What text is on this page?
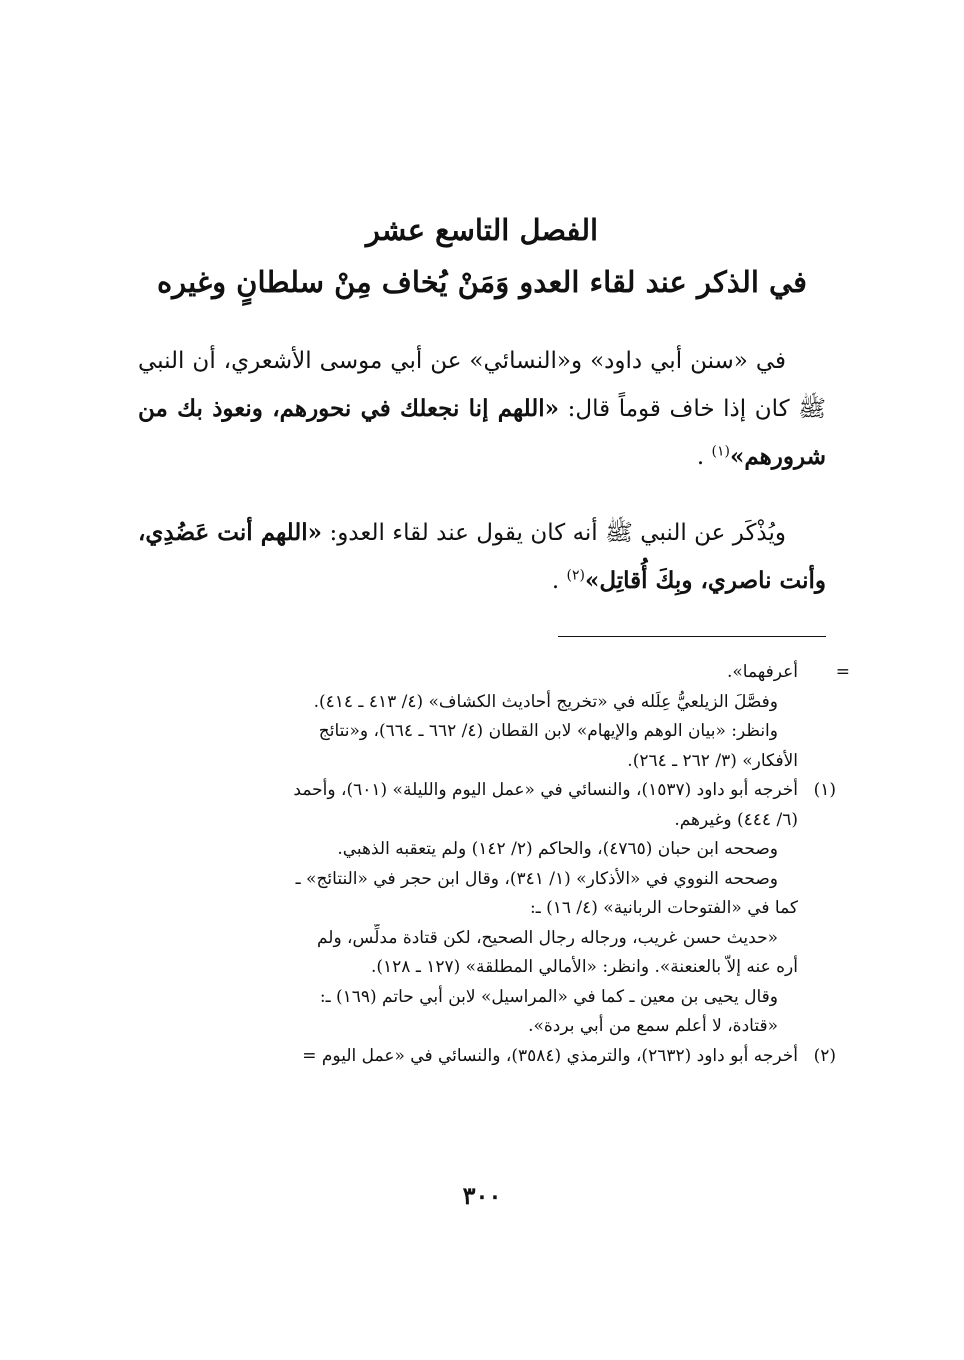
الفصل التاسع عشر
في الذكر عند لقاء العدو وَمَنْ يُخاف مِنْ سلطانٍ وغيره

في «سنن أبي داود» و«النسائي» عن أبي موسى الأشعري، أن النبي ﷺ كان إذا خاف قوماً قال: «اللهم إنا نجعلك في نحورهم، ونعوذ بك من شرورهم»$^{(١)}$ .

ويُذْكَر عن النبي ﷺ أنه كان يقول عند لقاء العدو: «اللهم أنت عَضُدِي، وأنت ناصري، وبِكَ أُقاتِل»$^{(٢)}$ .

=
أعرفهما».
وفصَّلَ الزيلعيُّ عِلَله في «تخريج أحاديث الكشاف» (٤/ ٤١٣ ـ ٤١٤).
وانظر: «بيان الوهم والإيهام» لابن القطان (٤/ ٦٦٢ ـ ٦٦٤)، و«نتائج
الأفكار» (٣/ ٢٦٢ ـ ٢٦٤).
(١)
أخرجه أبو داود (١٥٣٧)، والنسائي في «عمل اليوم والليلة» (٦٠١)، وأحمد
(٦/ ٤٤٤) وغيرهم.
وصححه ابن حبان (٤٧٦٥)، والحاكم (٢/ ١٤٢) ولم يتعقبه الذهبي.
وصححه النووي في «الأذكار» (١/ ٣٤١)، وقال ابن حجر في «النتائج» ـ
كما في «الفتوحات الربانية» (٤/ ١٦) ـ:
«حديث حسن غريب، ورجاله رجال الصحيح، لكن قتادة مدلِّس، ولم
أره عنه إلاّ بالعنعنة». وانظر: «الأمالي المطلقة» (١٢٧ ـ ١٢٨).
وقال يحيى بن معين ـ كما في «المراسيل» لابن أبي حاتم (١٦٩) ـ:
«قتادة، لا أعلم سمع من أبي بردة».
(٢)
أخرجه أبو داود (٢٦٣٢)، والترمذي (٣٥٨٤)، والنسائي في «عمل اليوم =
٣٠٠
